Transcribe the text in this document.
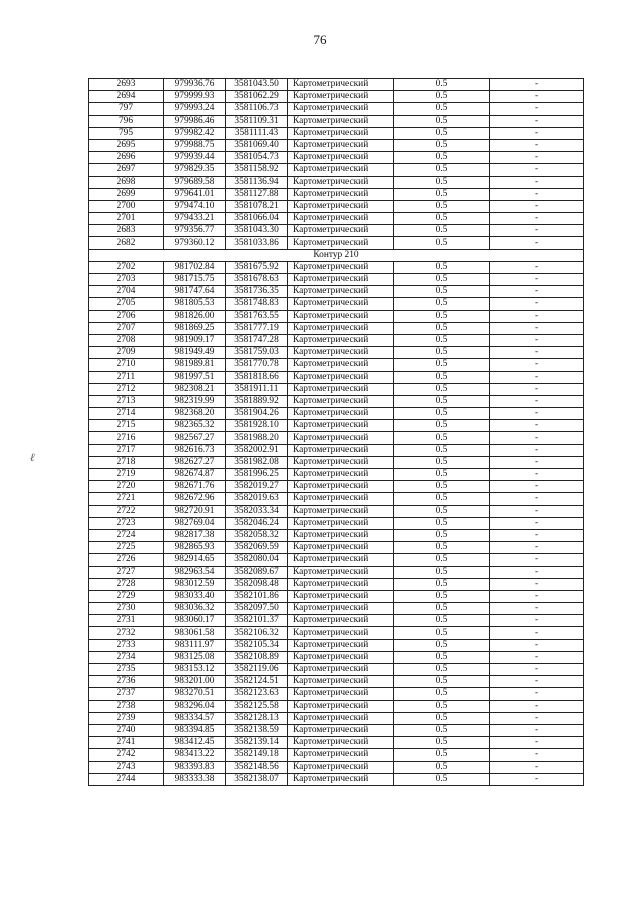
76
ℓ
2693	979936.76	3581043.50	Картометрический	0.5	-
2694	979999.93	3581062.29	Картометрический	0.5	-
797	979993.24	3581106.73	Картометрический	0.5	-
796	979986.46	3581109.31	Картометрический	0.5	-
795	979982.42	3581111.43	Картометрический	0.5	-
2695	979988.75	3581069.40	Картометрический	0.5	-
2696	979939.44	3581054.73	Картометрический	0.5	-
2697	979829.35	3581158.92	Картометрический	0.5	-
2698	979689.58	3581136.94	Картометрический	0.5	-
2699	979641.01	3581127.88	Картометрический	0.5	-
2700	979474.10	3581078.21	Картометрический	0.5	-
2701	979433.21	3581066.04	Картометрический	0.5	-
2683	979356.77	3581043.30	Картометрический	0.5	-
2682	979360.12	3581033.86	Картометрический	0.5	-
Контур 210					
2702	981702.84	3581675.92	Картометрический	0.5	-
2703	981715.75	3581678.63	Картометрический	0.5	-
2704	981747.64	3581736.35	Картометрический	0.5	-
2705	981805.53	3581748.83	Картометрический	0.5	-
2706	981826.00	3581763.55	Картометрический	0.5	-
2707	981869.25	3581777.19	Картометрический	0.5	-
2708	981909.17	3581747.28	Картометрический	0.5	-
2709	981949.49	3581759.03	Картометрический	0.5	-
2710	981989.81	3581770.78	Картометрический	0.5	-
2711	981997.51	3581818.66	Картометрический	0.5	-
2712	982308.21	3581911.11	Картометрический	0.5	-
2713	982319.99	3581889.92	Картометрический	0.5	-
2714	982368.20	3581904.26	Картометрический	0.5	-
2715	982365.32	3581928.10	Картометрический	0.5	-
2716	982567.27	3581988.20	Картометрический	0.5	-
2717	982616.73	3582002.91	Картометрический	0.5	-
2718	982627.27	3581982.08	Картометрический	0.5	-
2719	982674.87	3581996.25	Картометрический	0.5	-
2720	982671.76	3582019.27	Картометрический	0.5	-
2721	982672.96	3582019.63	Картометрический	0.5	-
2722	982720.91	3582033.34	Картометрический	0.5	-
2723	982769.04	3582046.24	Картометрический	0.5	-
2724	982817.38	3582058.32	Картометрический	0.5	-
2725	982865.93	3582069.59	Картометрический	0.5	-
2726	982914.65	3582080.04	Картометрический	0.5	-
2727	982963.54	3582089.67	Картометрический	0.5	-
2728	983012.59	3582098.48	Картометрический	0.5	-
2729	983033.40	3582101.86	Картометрический	0.5	-
2730	983036.32	3582097.50	Картометрический	0.5	-
2731	983060.17	3582101.37	Картометрический	0.5	-
2732	983061.58	3582106.32	Картометрический	0.5	-
2733	983111.97	3582105.34	Картометрический	0.5	-
2734	983125.08	3582108.89	Картометрический	0.5	-
2735	983153.12	3582119.06	Картометрический	0.5	-
2736	983201.00	3582124.51	Картометрический	0.5	-
2737	983270.51	3582123.63	Картометрический	0.5	-
2738	983296.04	3582125.58	Картометрический	0.5	-
2739	983334.57	3582128.13	Картометрический	0.5	-
2740	983394.85	3582138.59	Картометрический	0.5	-
2741	983412.45	3582139.14	Картометрический	0.5	-
2742	983413.22	3582149.18	Картометрический	0.5	-
2743	983393.83	3582148.56	Картометрический	0.5	-
2744	983333.38	3582138.07	Картометрический	0.5	-
